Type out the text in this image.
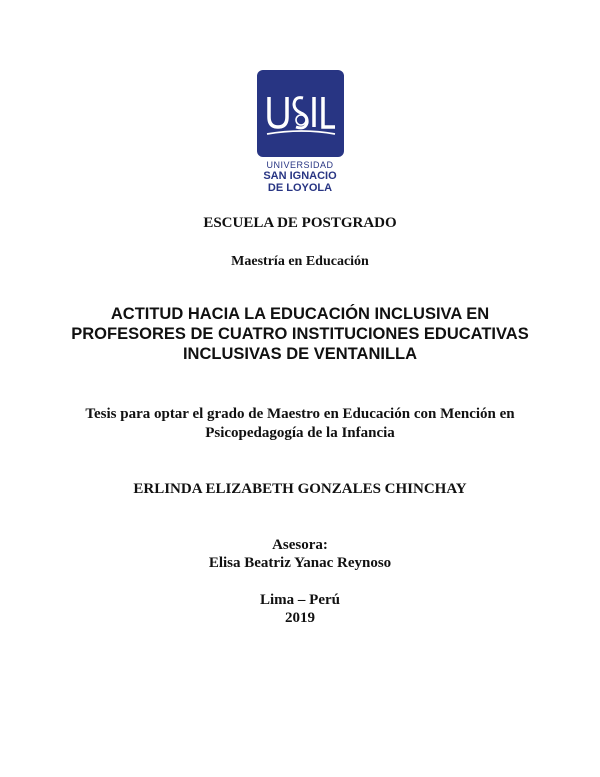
UNIVERSIDAD
SAN IGNACIO
DE LOYOLA
ESCUELA DE POSTGRADO
Maestría en Educación
ACTITUD HACIA LA EDUCACIÓN INCLUSIVA EN PROFESORES DE CUATRO INSTITUCIONES EDUCATIVAS INCLUSIVAS DE VENTANILLA
Tesis para optar el grado de Maestro en Educación con Mención en Psicopedagogía de la Infancia
ERLINDA ELIZABETH GONZALES CHINCHAY
Asesora:
Elisa Beatriz Yanac Reynoso
Lima – Perú
2019
